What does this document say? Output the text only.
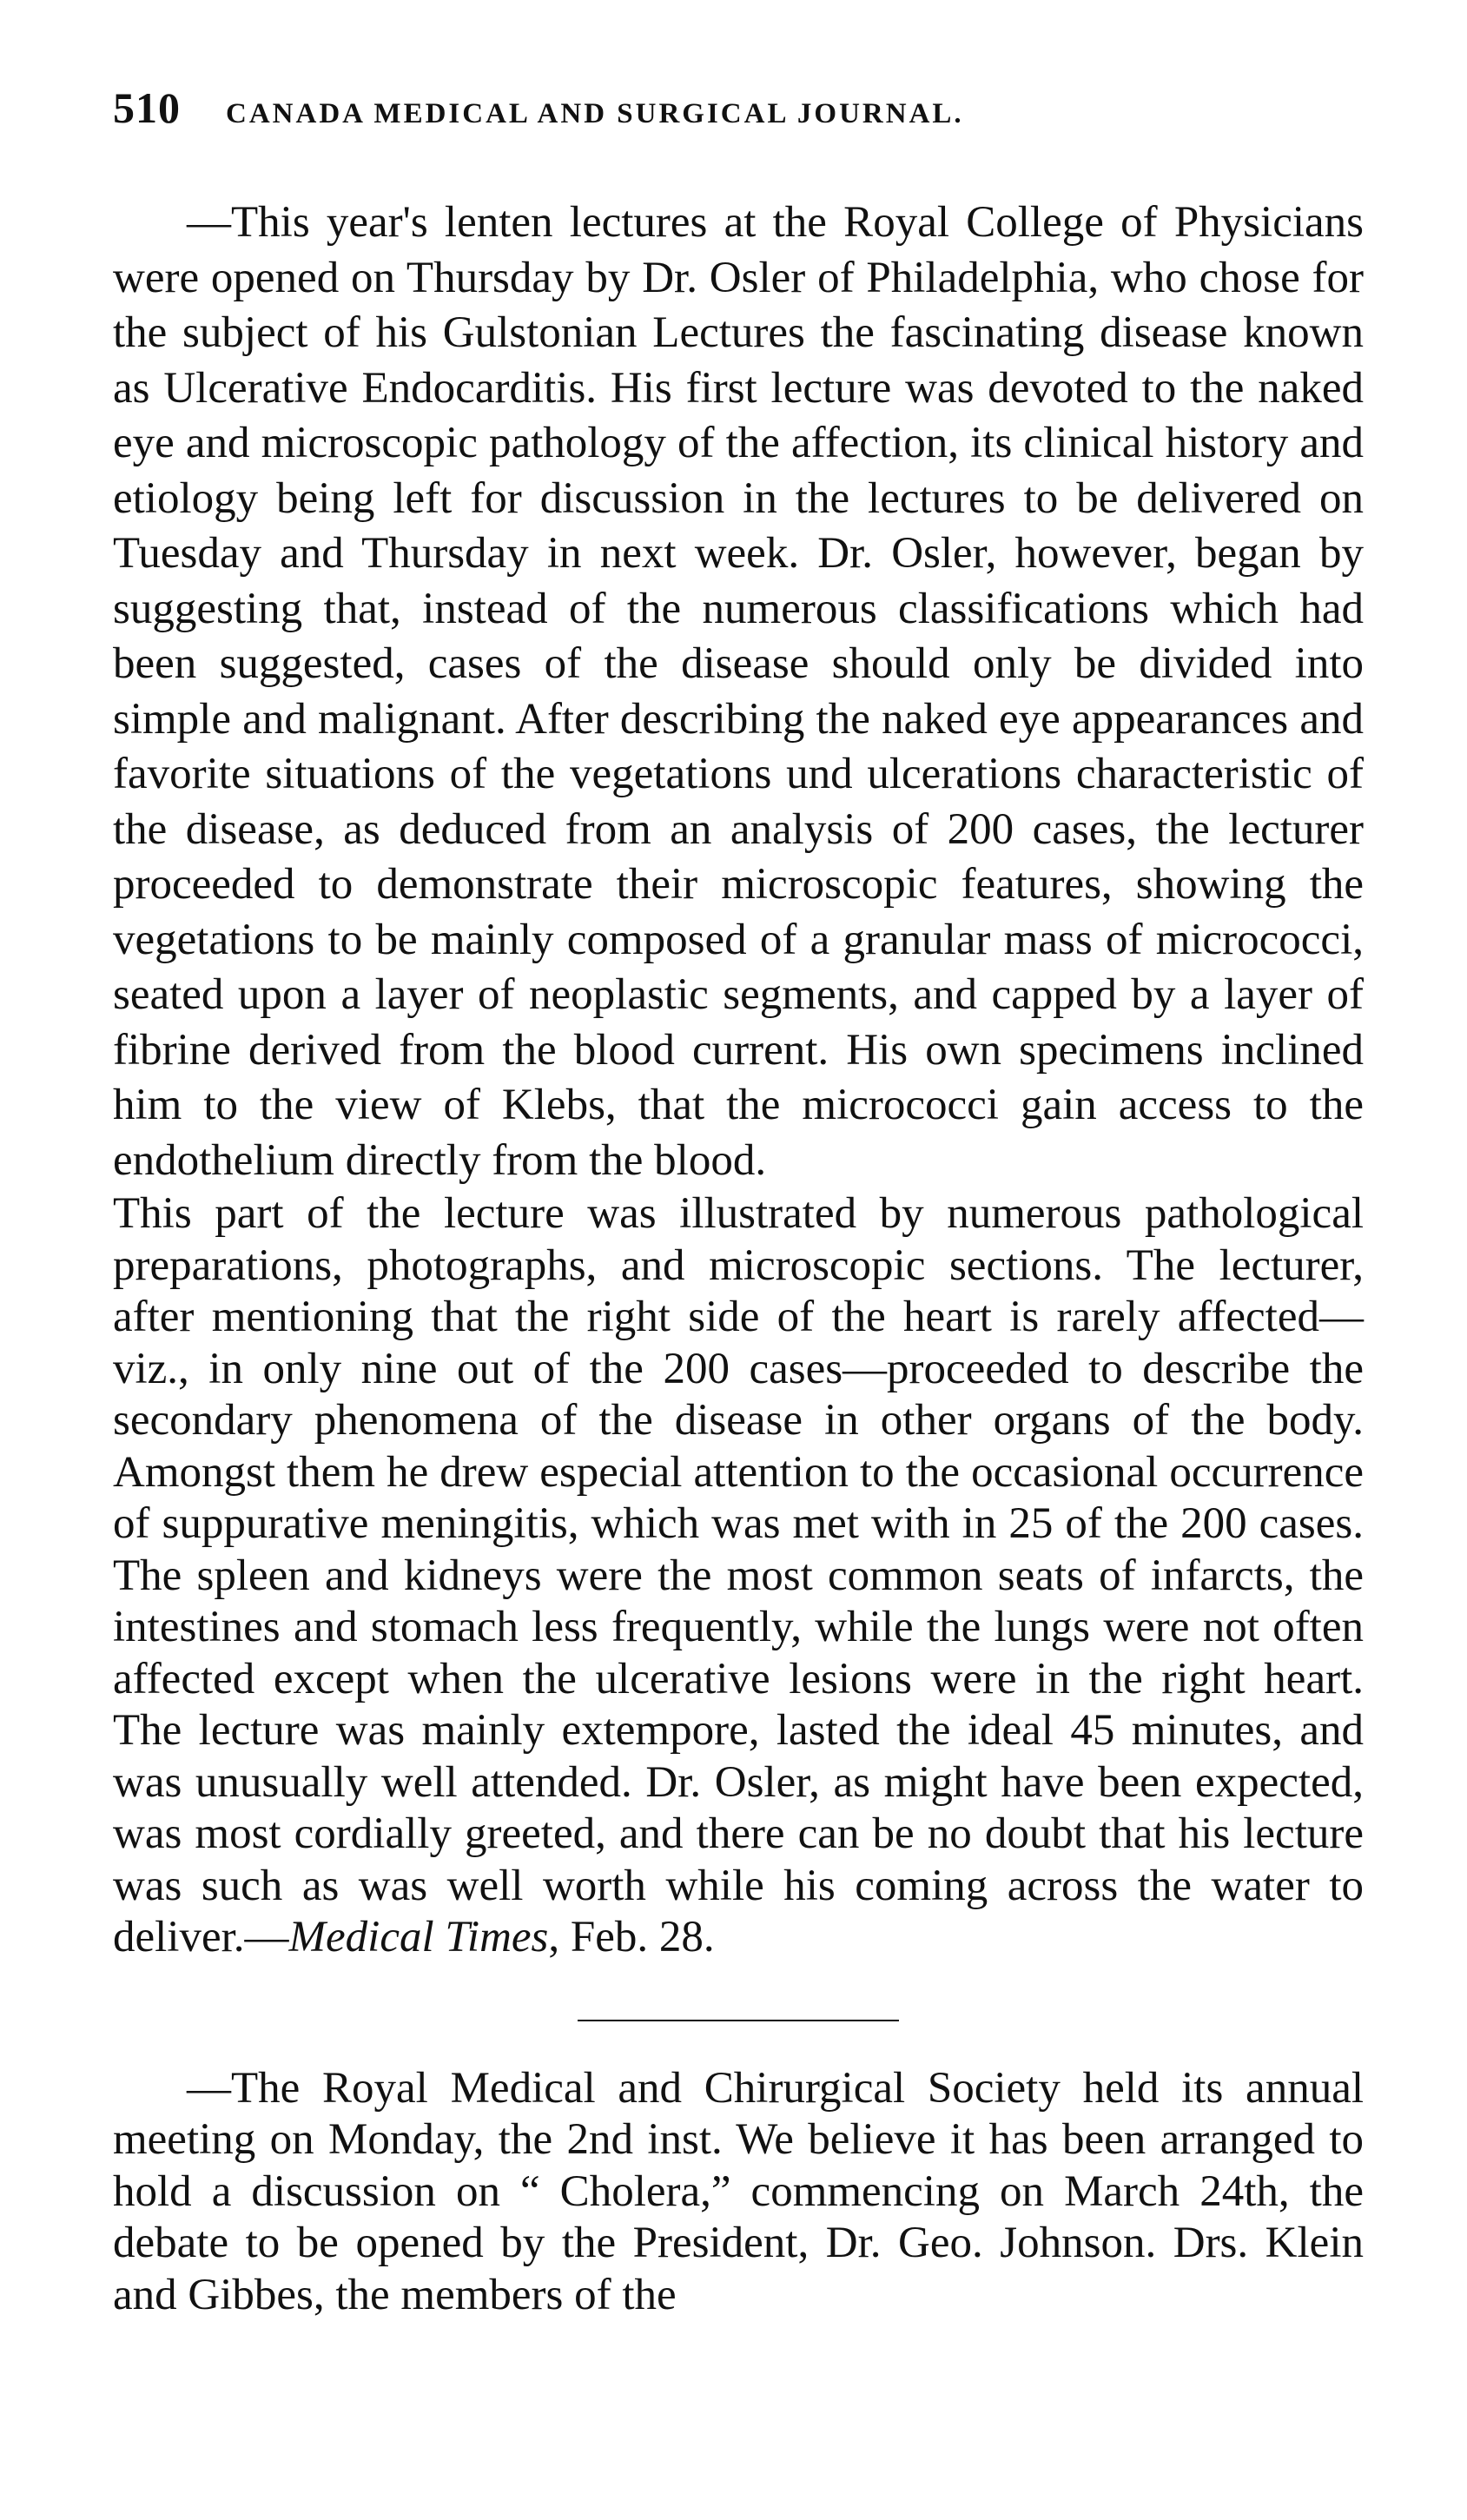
510	CANADA MEDICAL AND SURGICAL JOURNAL.

—This year's lenten lectures at the Royal College of Physicians were opened on Thursday by Dr. Osler of Philadelphia, who chose for the subject of his Gulstonian Lectures the fascinating disease known as Ulcerative Endocarditis. His first lecture was devoted to the naked eye and microscopic pathology of the affection, its clinical history and etiology being left for discussion in the lectures to be delivered on Tuesday and Thursday in next week. Dr. Osler, however, began by suggesting that, instead of the numerous classifications which had been suggested, cases of the disease should only be divided into simple and malignant. After describing the naked eye appearances and favorite situations of the vegetations und ulcerations characteristic of the disease, as deduced from an analysis of 200 cases, the lecturer proceeded to demonstrate their microscopic features, showing the vegetations to be mainly composed of a granular mass of micrococci, seated upon a layer of neoplastic segments, and capped by a layer of fibrine derived from the blood current. His own specimens inclined him to the view of Klebs, that the micrococci gain access to the endothelium directly from the blood.

This part of the lecture was illustrated by numerous pathological preparations, photographs, and microscopic sections. The lecturer, after mentioning that the right side of the heart is rarely affected—viz., in only nine out of the 200 cases—proceeded to describe the secondary phenomena of the disease in other organs of the body. Amongst them he drew especial attention to the occasional occurrence of suppurative meningitis, which was met with in 25 of the 200 cases. The spleen and kidneys were the most common seats of infarcts, the intestines and stomach less frequently, while the lungs were not often affected except when the ulcerative lesions were in the right heart. The lecture was mainly extempore, lasted the ideal 45 minutes, and was unusually well attended. Dr. Osler, as might have been expected, was most cordially greeted, and there can be no doubt that his lecture was such as was well worth while his coming across the water to deliver.—Medical Times, Feb. 28.

—The Royal Medical and Chirurgical Society held its annual meeting on Monday, the 2nd inst. We believe it has been arranged to hold a discussion on “ Cholera,” commencing on March 24th, the debate to be opened by the President, Dr. Geo. Johnson. Drs. Klein and Gibbes, the members of the
